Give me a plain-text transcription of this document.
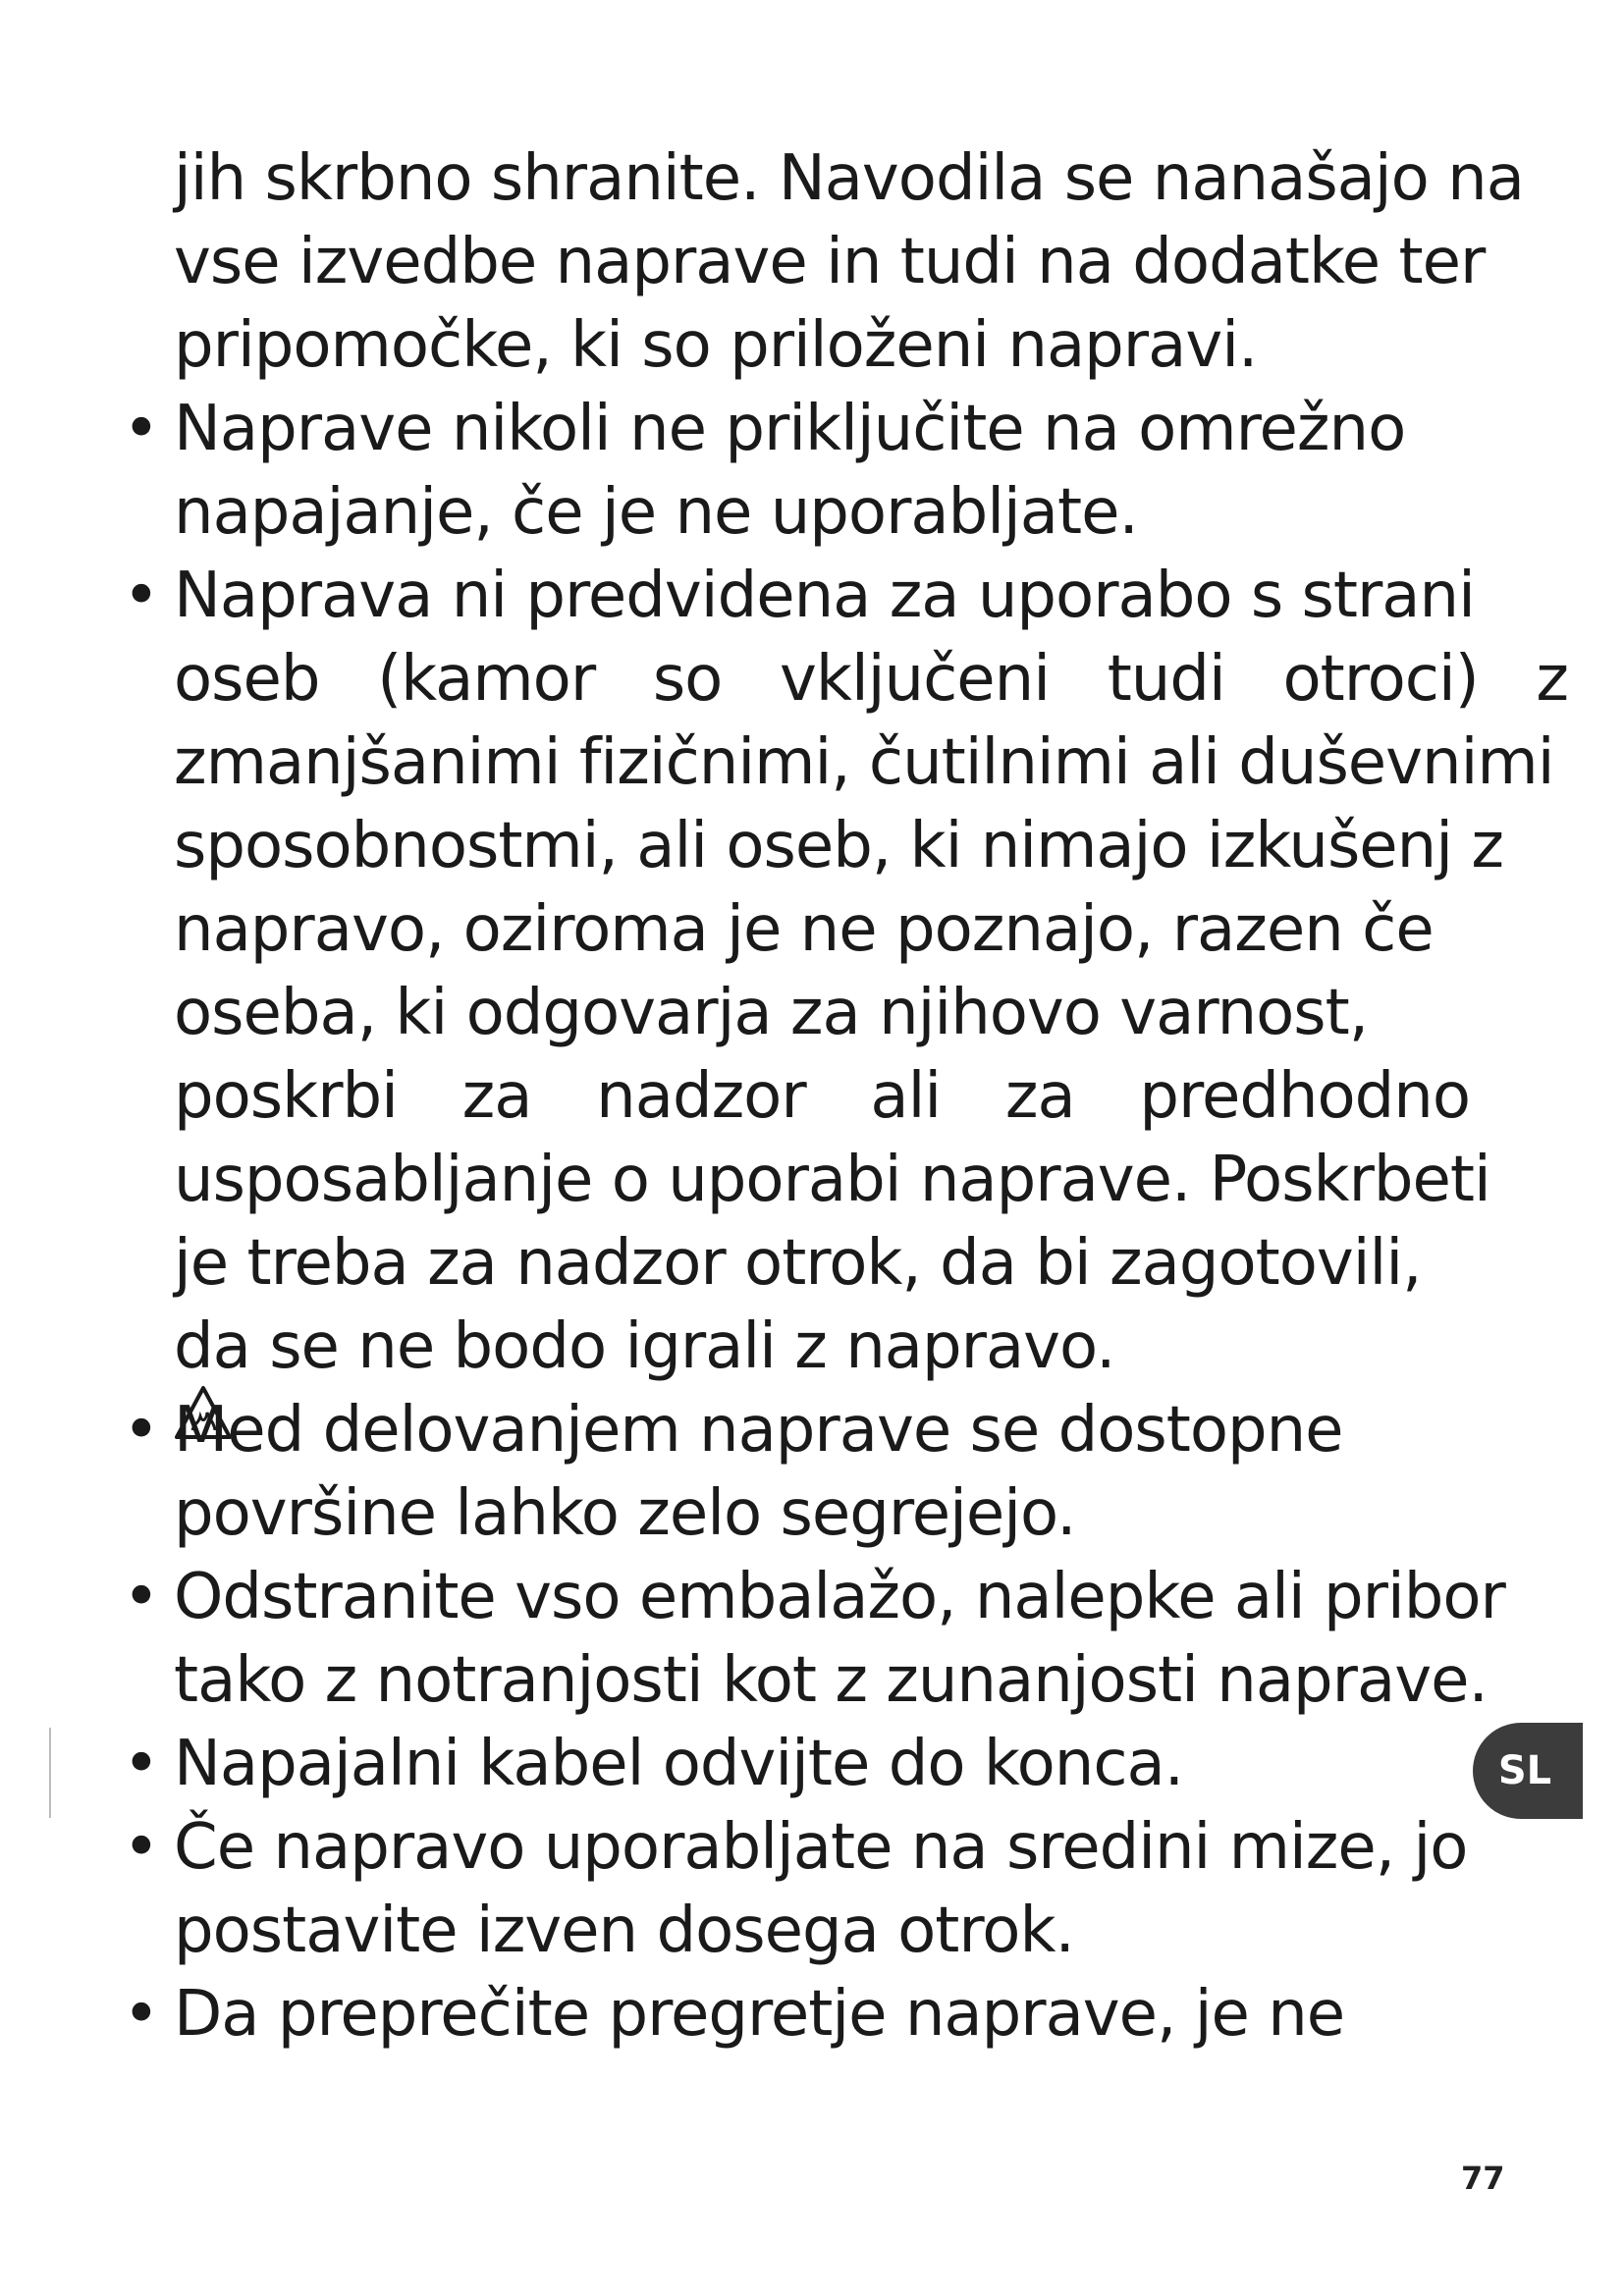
jih skrbno shranite. Navodila se nanašajo na
vse izvedbe naprave in tudi na dodatke ter
pripomočke, ki so priloženi napravi.
• Naprave nikoli ne priključite na omrežno
napajanje, če je ne uporabljate.
• Naprava ni predvidena za uporabo s strani
oseb (kamor so vključeni tudi otroci) z
zmanjšanimi fizičnimi, čutilnimi ali duševnimi
sposobnostmi, ali oseb, ki nimajo izkušenj z
napravo, oziroma je ne poznajo, razen če
oseba, ki odgovarja za njihovo varnost,
poskrbi za nadzor ali za predhodno
usposabljanje o uporabi naprave. Poskrbeti
je treba za nadzor otrok, da bi zagotovili,
da se ne bodo igrali z napravo.
• Med delovanjem naprave se dostopne
površine lahko zelo segrejejo.
• Odstranite vso embalažo, nalepke ali pribor
tako z notranjosti kot z zunanjosti naprave.
• Napajalni kabel odvijte do konca.
• Če napravo uporabljate na sredini mize, jo
postavite izven dosega otrok.
• Da preprečite pregretje naprave, je ne
SL
77
